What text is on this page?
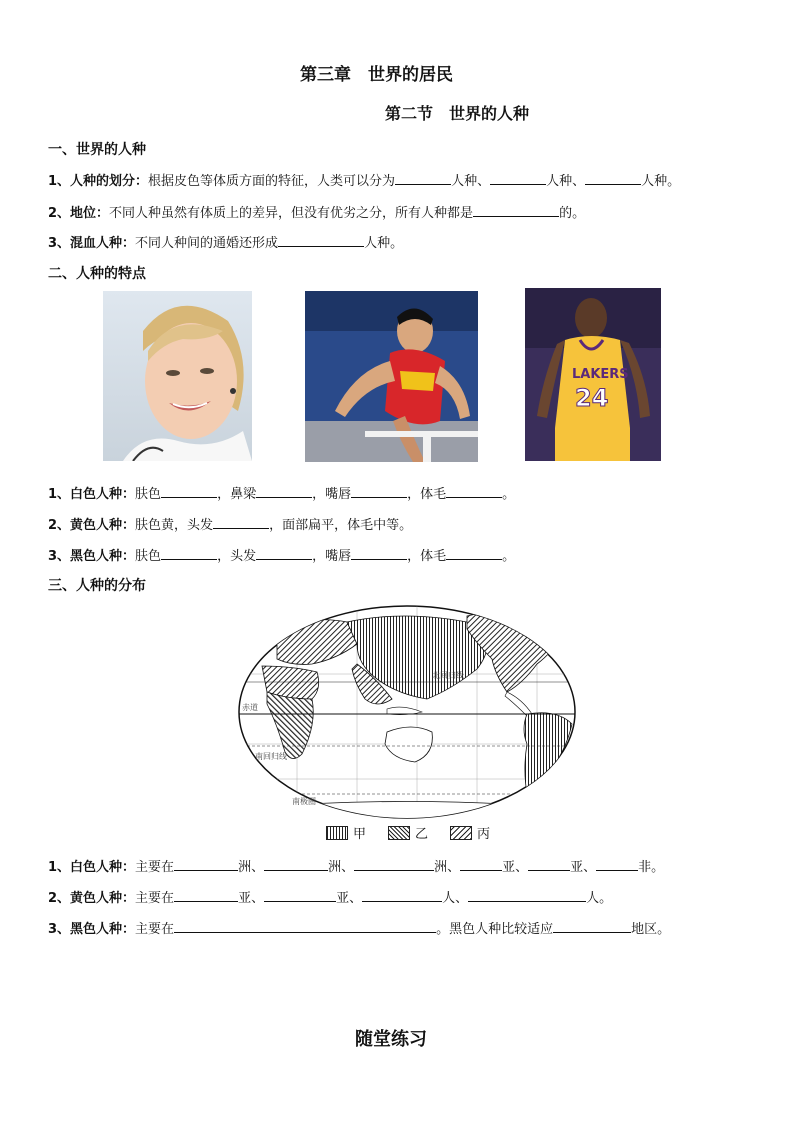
第三章　世界的居民
第二节　世界的人种
一、世界的人种
1、人种的划分：根据皮色等体质方面的特征，人类可以分为	人种、	人种、	人种。
2、地位：不同人种虽然有体质上的差异，但没有优劣之分，所有人种都是	的。
3、混血人种：不同人种间的通婚还形成	人种。
二、人种的特点
LAKERS
24
1、白色人种：肤色	，鼻梁	，嘴唇	，体毛	。
2、黄色人种：肤色黄，头发	，面部扁平，体毛中等。
3、黑色人种：肤色	，头发	，嘴唇	，体毛	。
三、人种的分布
北回归线
赤道
南回归线
南极圈
甲	乙	丙
1、白色人种：主要在	洲、	洲、	洲、	亚、	亚、	非。
2、黄色人种：主要在	亚、	亚、	人、	人。
3、黑色人种：主要在	。黑色人种比较适应	地区。
随堂练习
